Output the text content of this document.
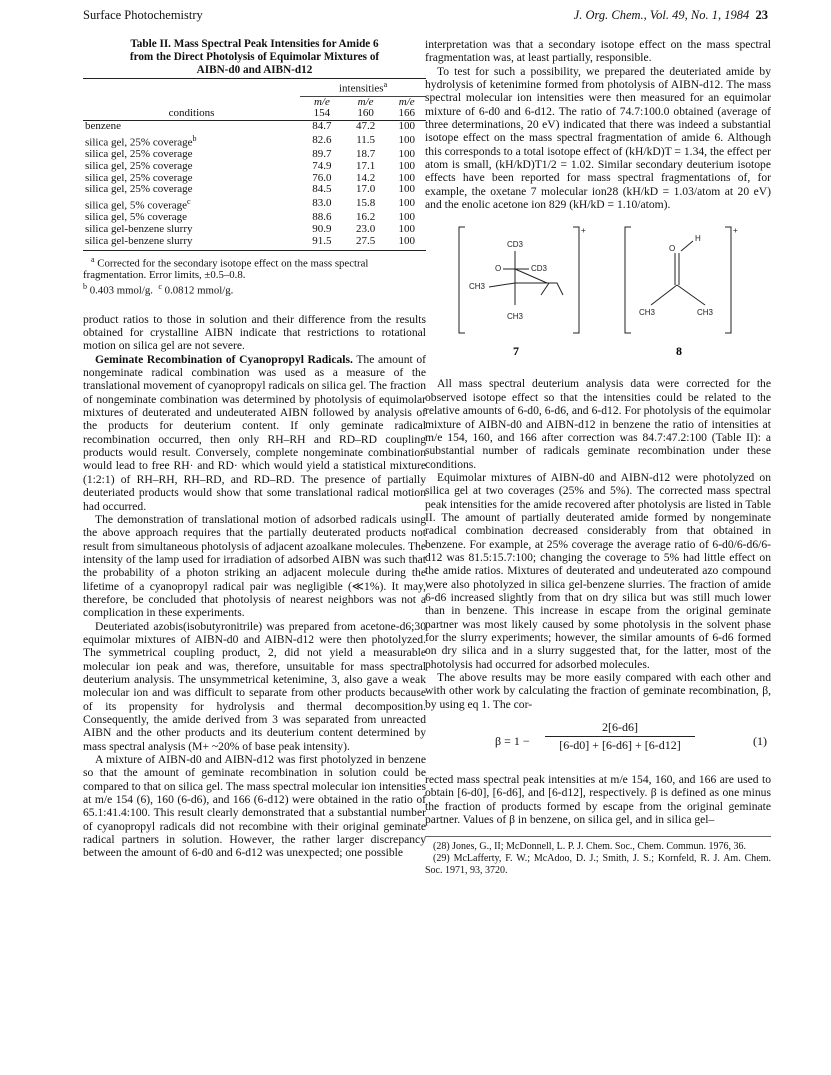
Surface Photochemistry	J. Org. Chem., Vol. 49, No. 1, 1984 23
Table II. Mass Spectral Peak Intensities for Amide 6
from the Direct Photolysis of Equimolar Mixtures of
AIBN-d0 and AIBN-d12
	intensities$^a$
conditions	m/e	m/e	m/e
	154	160	166
benzene	84.7	47.2	100
silica gel, 25% coverage$^b$	82.6	11.5	100
silica gel, 25% coverage	89.7	18.7	100
silica gel, 25% coverage	74.9	17.1	100
silica gel, 25% coverage	76.0	14.2	100
silica gel, 25% coverage	84.5	17.0	100
silica gel, 5% coverage$^c$	83.0	15.8	100
silica gel, 5% coverage	88.6	16.2	100
silica gel-benzene slurry	90.9	23.0	100
silica gel-benzene slurry	91.5	27.5	100

$^a$ Corrected for the secondary isotope effect on the mass spectral fragmentation. Error limits, ±0.5–0.8.
$^b$ 0.403 mmol/g. $^c$ 0.0812 mmol/g.

product ratios to those in solution and their difference from the results obtained for crystalline AIBN indicate that restrictions to rotational motion on silica gel are not severe.

Geminate Recombination of Cyanopropyl Radicals. The amount of nongeminate radical combination was used as a measure of the translational movement of cyanopropyl radicals on silica gel. The fraction of nongeminate combination was determined by photolysis of equimolar mixtures of deuterated and undeuterated AIBN followed by analysis of the products for deuterium content. If only geminate radical recombination occurred, then only RH–RH and RD–RD coupling products would result. Conversely, complete nongeminate combination would lead to free RH· and RD· which would yield a statistical mixture (1:2:1) of RH–RH, RH–RD, and RD–RD. The presence of partially deuteriated products would show that some translational radical motion had occurred.

The demonstration of translational motion of adsorbed radicals using the above approach requires that the partially deuterated products not result from simultaneous photolysis of adjacent azoalkane molecules. The intensity of the lamp used for irradiation of adsorbed AIBN was such that the probability of a photon striking an adjacent molecule during the lifetime of a cyanopropyl radical pair was negligible (≪1%). It may, therefore, be concluded that photolysis of nearest neighbors was not a complication in these experiments.

Deuteriated azobis(isobutyronitrile) was prepared from acetone-d6;30 equimolar mixtures of AIBN-d0 and AIBN-d12 were then photolyzed. The symmetrical coupling product, 2, did not yield a measurable molecular ion peak and was, therefore, unsuitable for mass spectral deuterium analysis. The unsymmetrical ketenimine, 3, also gave a weak molecular ion and was difficult to separate from other products because of its propensity for hydrolysis and thermal decomposition. Consequently, the amide derived from 3 was separated from unreacted AIBN and the other products and its deuterium content determined by mass spectral analysis (M+ ~20% of base peak intensity).

A mixture of AIBN-d0 and AIBN-d12 was first photolyzed in benzene so that the amount of geminate recombination in solution could be compared to that on silica gel. The mass spectral molecular ion intensities at m/e 154 (6), 160 (6-d6), and 166 (6-d12) were obtained in the ratio of 65.1:41.4:100. This result clearly demonstrated that a substantial number of cyanopropyl radicals did not recombine with their original geminate radical partners in solution. However, the rather larger discrepancy between the amount of 6-d0 and 6-d12 was unexpected; one possible

interpretation was that a secondary isotope effect on the mass spectral fragmentation was, at least partially, responsible.

To test for such a possibility, we prepared the deuteriated amide by hydrolysis of ketenimine formed from photolysis of AIBN-d12. The mass spectral molecular ion intensities were then measured for an equimolar mixture of 6-d0 and 6-d12. The ratio of 74.7:100.0 obtained (average of three determinations, 20 eV) indicated that there was indeed a substantial isotope effect on the mass spectral fragmentation of amide 6. Although this corresponds to a total isotope effect of (kH/kD)T = 1.34, the effect per atom is small, (kH/kD)T1/2 = 1.02. Similar secondary deuterium isotope effects have been reported for mass spectral fragmentations of, for example, the oxetane 7 molecular ion28 (kH/kD = 1.03/atom at 20 eV) and the enolic acetone ion 829 (kH/kD = 1.10/atom).

CD3
O	CD3
CH3
CH3
+
O
H
CH3	CH3
+
7	8

All mass spectral deuterium analysis data were corrected for the observed isotope effect so that the intensities could be related to the relative amounts of 6-d0, 6-d6, and 6-d12. For photolysis of the equimolar mixture of AIBN-d0 and AIBN-d12 in benzene the ratio of intensities at m/e 154, 160, and 166 after correction was 84.7:47.2:100 (Table II): a substantial number of radicals geminate recombination under these conditions.

Equimolar mixtures of AIBN-d0 and AIBN-d12 were photolyzed on silica gel at two coverages (25% and 5%). The corrected mass spectral peak intensities for the amide recovered after photolysis are listed in Table II. The amount of partially deuterated amide formed by nongeminate radical combination decreased considerably from that obtained in benzene. For example, at 25% coverage the average ratio of 6-d0/6-d6/6-d12 was 81.5:15.7:100; changing the coverage to 5% had little effect on the amide ratios. Mixtures of deuterated and undeuterated azo compound were also photolyzed in silica gel-benzene slurries. The fraction of amide 6-d6 increased slightly from that on dry silica but was still much lower than in benzene. This increase in escape from the original geminate partner was most likely caused by some photolysis in the solvent phase for the slurry experiments; however, the similar amounts of 6-d6 formed on dry silica and in a slurry suggested that, for the latter, most of the photolysis had occurred for adsorbed molecules.

The above results may be more easily compared with each other and with other work by calculating the fraction of geminate recombination, β, by using eq 1. The cor-

β = 1 −
2[6-d6]
[6-d0] + [6-d6] + [6-d12]	(1)

rected mass spectral peak intensities at m/e 154, 160, and 166 are used to obtain [6-d0], [6-d6], and [6-d12], respectively. β is defined as one minus the fraction of products formed by escape from the original geminate partner. Values of β in benzene, on silica gel, and in silica gel–

(28) Jones, G., II; McDonnell, L. P. J. Chem. Soc., Chem. Commun. 1976, 36.

(29) McLafferty, F. W.; McAdoo, D. J.; Smith, J. S.; Kornfeld, R. J. Am. Chem. Soc. 1971, 93, 3720.
